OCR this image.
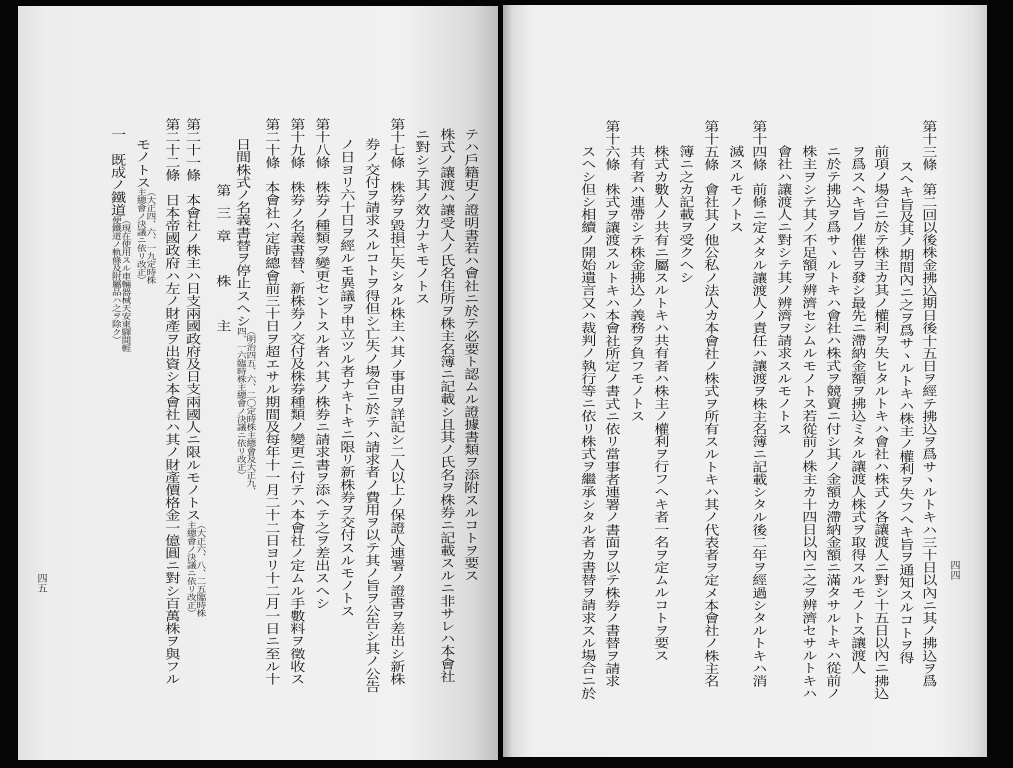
第十三條　第二回以後株金拂込期日後十五日ヲ經テ拂込ヲ爲サヽルトキハ三十日以內ニ其ノ拂込ヲ爲
スヘキ旨及其ノ期間內ニ之ヲ爲サヽルトキハ株主ノ權利ヲ失フヘキ旨ヲ通知スルコトヲ得
前項ノ場合ニ於テ株主カ其ノ權利ヲ失ヒタルトキハ會社ハ株式ノ各讓渡人ニ對シ十五日以內ニ拂込
ヲ爲スヘキ旨ノ催告ヲ發シ最先ニ滯納金額ヲ拂込ミタル讓渡人株式ヲ取得スルモノトス讓渡人
ニ於テ拂込ヲ爲サヽルトキハ會社ハ株式ヲ競賣ニ付シ其ノ金額カ滯納金額ニ滿タサルトキハ從前ノ
株主ヲシテ其ノ不足額ヲ辨濟セシムルモノトス若從前ノ株主カ十四日以內ニ之ヲ辨濟セサルトキハ
會社ハ讓渡人ニ對シテ其ノ辨濟ヲ請求スルモノトス
第十四條　前條ニ定メタル讓渡人ノ責任ハ讓渡ヲ株主名簿ニ記載シタル後二年ヲ經過シタルトキハ消
滅スルモノトス
第十五條　會社其ノ他公私ノ法人カ本會社ノ株式ヲ所有スルトキハ其ノ代表者ヲ定メ本會社ノ株主名
簿ニ之カ記載ヲ受クヘシ
株式カ數人ノ共有ニ屬スルトキハ共有者ハ株主ノ權利ヲ行フヘキ者一名ヲ定ムルコトヲ要ス
共有者ハ連帶シテ株金拂込ノ義務ヲ負フモノトス
第十六條　株式ヲ讓渡スルトキハ本會社所定ノ書式ニ依リ當事者連署ノ書面ヲ以テ株券ノ書替ヲ請求
スヘシ但シ相續ノ開始遺言又ハ裁判ノ執行等ニ依リ株式ヲ繼承シタル者カ書替ヲ請求スル場合ニ於	四四
テハ戶籍吏ノ證明書若ハ會社ニ於テ必要ト認ムル證據書類ヲ添附スルコトヲ要ス
株式ノ讓渡ハ讓受人ノ氏名住所ヲ株主名簿ニ記載シ且其ノ氏名ヲ株券ニ記載スルニ非サレハ本會社
ニ對シテ其ノ效力ナキモノトス
第十七條　株券ヲ毀損亡失シタル株主ハ其ノ事由ヲ詳記シ二人以上ノ保證人連署ノ證書ヲ差出シ新株
券ノ交付ヲ請求スルコトヲ得但シ亡失ノ場合ニ於テハ請求者ノ費用ヲ以テ其ノ旨ヲ公告シ其ノ公告
ノ日ヨリ六十日ヲ經ルモ異議ヲ申立ツル者ナキトキニ限リ新株券ヲ交付スルモノトス
第十八條　株券ノ種類ヲ變更セントスル者ハ其ノ株券ニ請求書ヲ添ヘテ之ヲ差出スヘシ
第十九條　株券ノ名義書替、新株券ノ交付及株券種類ノ變更ニ付テハ本會社ノ定ムル手數料ヲ徵收ス
第二十條　本會社ハ定時總會前三十日ヲ超エサル期間及每年十一月二十二日ヨリ十二月一日ニ至ル十
日間株式ノ名義書替ヲ停止スヘシ（明治四五、六、二〇定時株主總會及大正九、四、一六臨時株主總會ノ決議ニ依リ改正）
第三章　株　主
第二十一條　本會社ノ株主ハ日支兩國政府及日支兩國人ニ限ルモノトス（大正六、八、二五臨時株主總會ノ決議ニ依リ改正）
第二十二條　日本帝國政府ハ左ノ財產ヲ出資シ本會社ハ其ノ財產價格金一億圓ニ對シ百萬株ヲ與フル
モノトス（大正四、六、一九定時株主總會ノ決議ニ依リ改正）
一　既成ノ鐵道（現在使用スル車輛器械天安東驛間輕便鐵道ノ軌條及附屬品ハ之ヲ除ク）
四五
